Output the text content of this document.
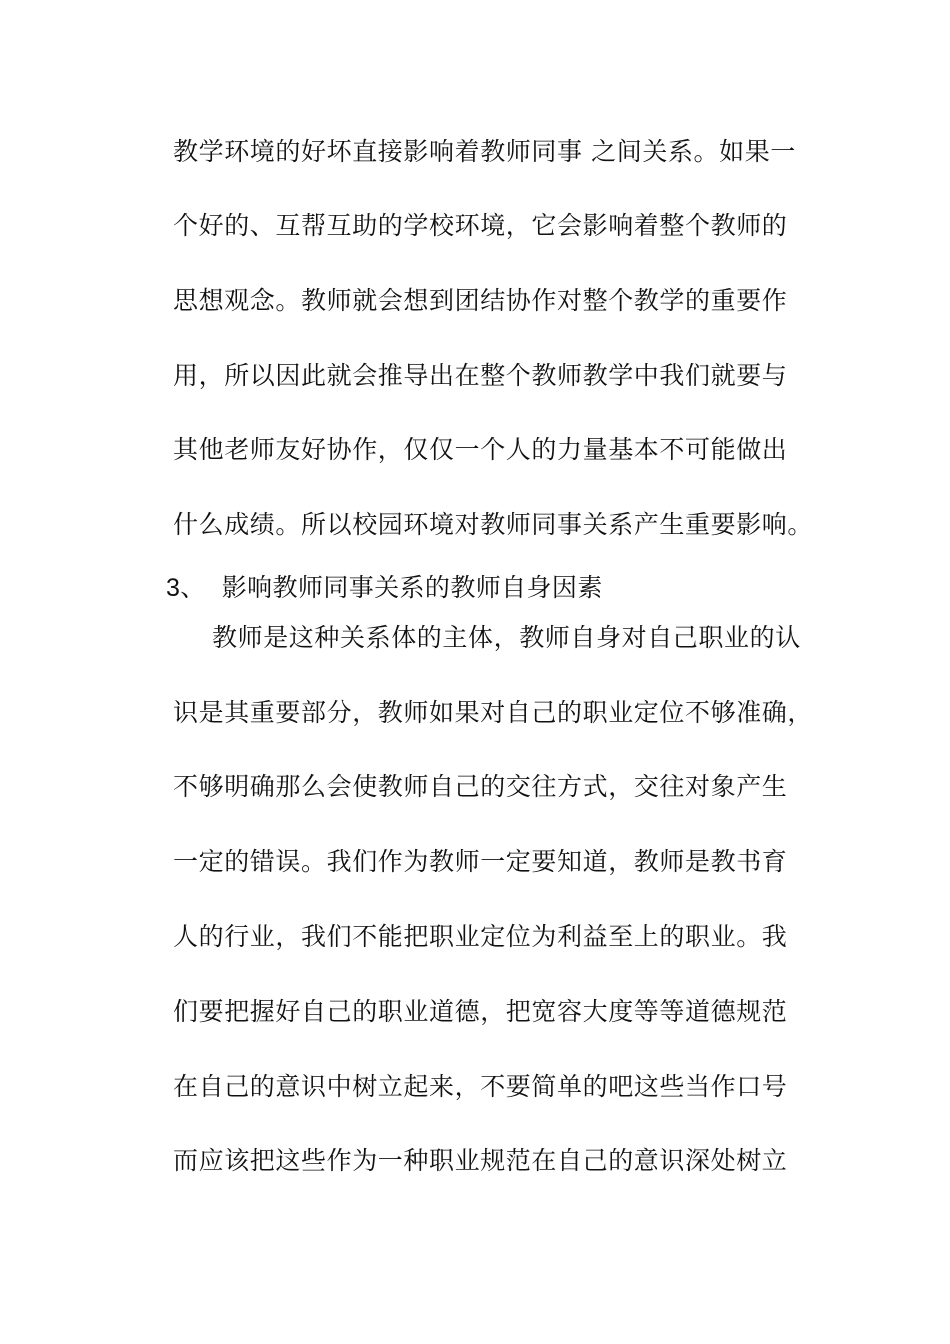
教学环境的好坏直接影响着教师同事 之间关系。如果一
个好的、互帮互助的学校环境，它会影响着整个教师的
思想观念。教师就会想到团结协作对整个教学的重要作
用，所以因此就会推导出在整个教师教学中我们就要与
其他老师友好协作，仅仅一个人的力量基本不可能做出
什么成绩。所以校园环境对教师同事关系产生重要影响。
3、 影响教师同事关系的教师自身因素
教师是这种关系体的主体，教师自身对自己职业的认
识是其重要部分，教师如果对自己的职业定位不够准确，
不够明确那么会使教师自己的交往方式，交往对象产生
一定的错误。我们作为教师一定要知道，教师是教书育
人的行业，我们不能把职业定位为利益至上的职业。我
们要把握好自己的职业道德，把宽容大度等等道德规范
在自己的意识中树立起来，不要简单的吧这些当作口号
而应该把这些作为一种职业规范在自己的意识深处树立
